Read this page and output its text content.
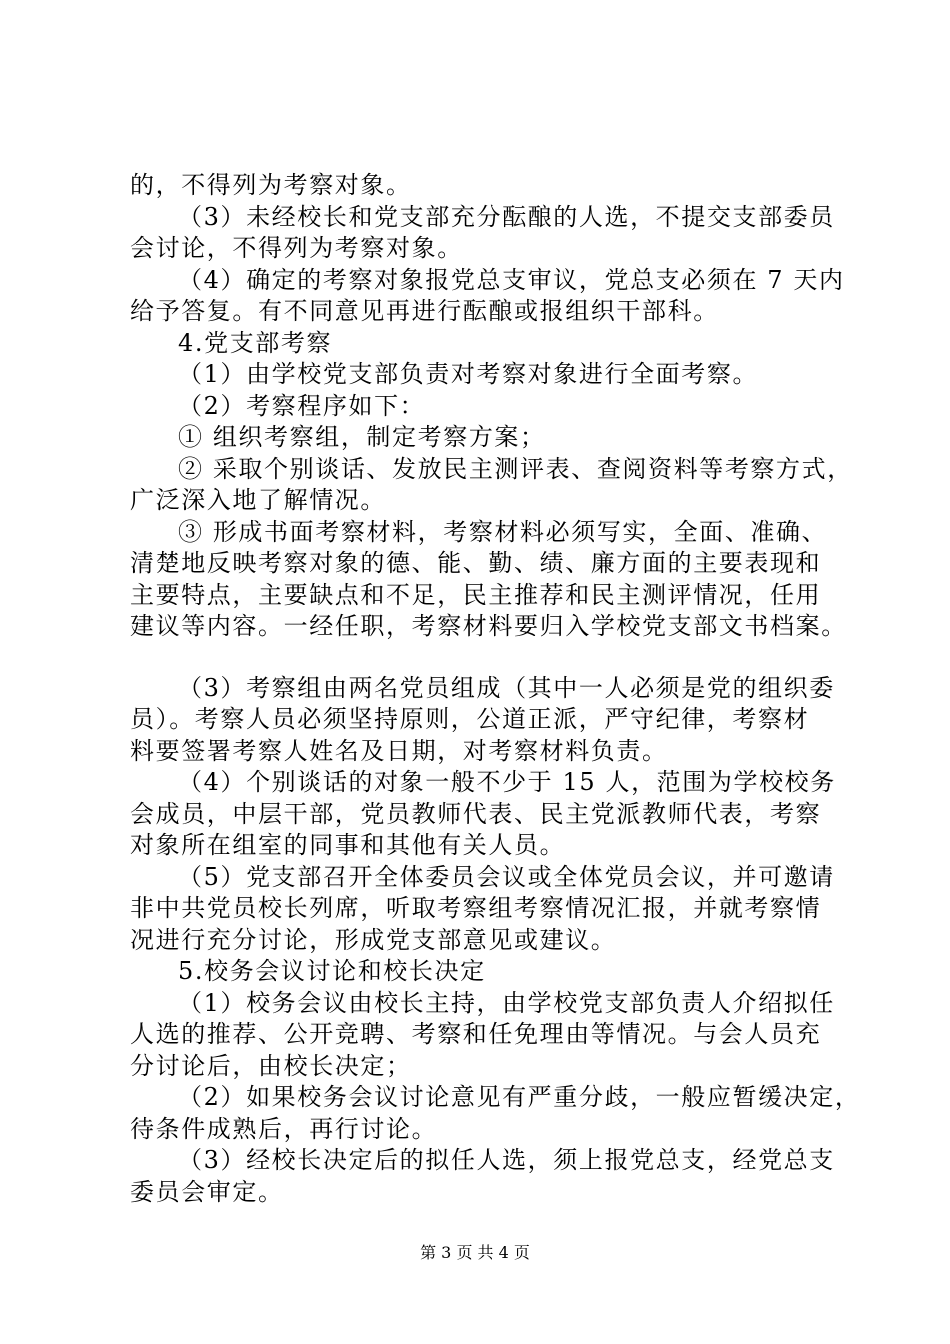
的，不得列为考察对象。
（3）未经校长和党支部充分酝酿的人选，不提交支部委员
会讨论，不得列为考察对象。
（4）确定的考察对象报党总支审议，党总支必须在 7 天内
给予答复。有不同意见再进行酝酿或报组织干部科。
4.党支部考察
（1）由学校党支部负责对考察对象进行全面考察。
（2）考察程序如下：
① 组织考察组，制定考察方案；
② 采取个别谈话、发放民主测评表、查阅资料等考察方式，
广泛深入地了解情况。
③ 形成书面考察材料，考察材料必须写实，全面、准确、
清楚地反映考察对象的德、能、勤、绩、廉方面的主要表现和
主要特点，主要缺点和不足，民主推荐和民主测评情况，任用
建议等内容。一经任职，考察材料要归入学校党支部文书档案。
（3）考察组由两名党员组成（其中一人必须是党的组织委
员）。考察人员必须坚持原则，公道正派，严守纪律，考察材
料要签署考察人姓名及日期，对考察材料负责。
（4）个别谈话的对象一般不少于 15 人，范围为学校校务
会成员，中层干部，党员教师代表、民主党派教师代表，考察
对象所在组室的同事和其他有关人员。
（5）党支部召开全体委员会议或全体党员会议，并可邀请
非中共党员校长列席，听取考察组考察情况汇报，并就考察情
况进行充分讨论，形成党支部意见或建议。
5.校务会议讨论和校长决定
（1）校务会议由校长主持，由学校党支部负责人介绍拟任
人选的推荐、公开竞聘、考察和任免理由等情况。与会人员充
分讨论后，由校长决定；
（2）如果校务会议讨论意见有严重分歧，一般应暂缓决定，
待条件成熟后，再行讨论。
（3）经校长决定后的拟任人选，须上报党总支，经党总支
委员会审定。
第 3 页 共 4 页
